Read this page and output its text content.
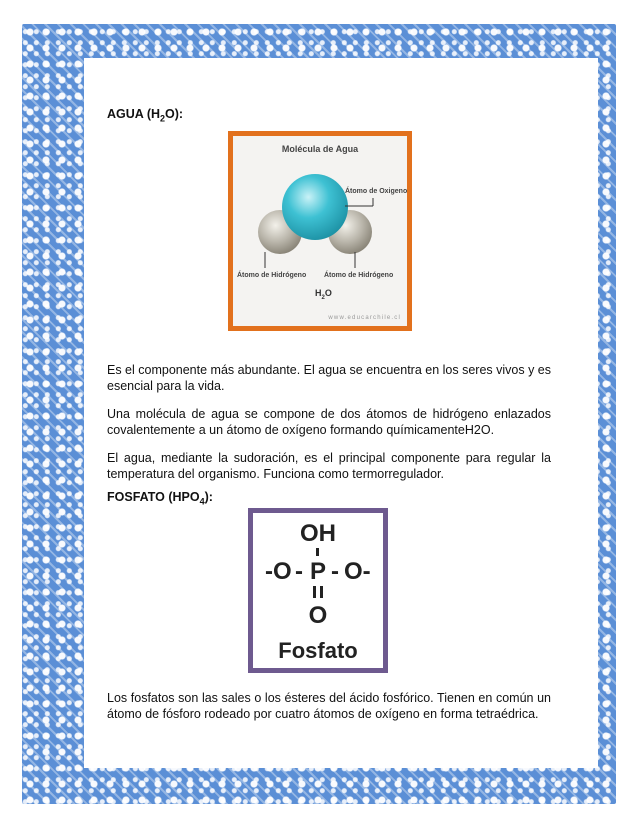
AGUA $(H_2O)$:
Molécula de Agua
Átomo de Oxigeno
Átomo de Hidrógeno	Átomo de Hidrógeno
$H_2O$
www.educarchile.cl

Es el componente más abundante. El agua se encuentra en los seres vivos y es esencial para la vida.

Una molécula de agua se compone de dos átomos de hidrógeno enlazados covalentemente a un átomo de oxígeno formando químicamenteH2O.

El agua, mediante la sudoración, es el principal componente para regular la temperatura del organismo. Funciona como termorregulador.

FOSFATO $(HPO_4)$:
OH
-O - P - O-
O
Fosfato

Los fosfatos son las sales o los ésteres del ácido fosfórico. Tienen en común un átomo de fósforo rodeado por cuatro átomos de oxígeno en forma tetraédrica.
